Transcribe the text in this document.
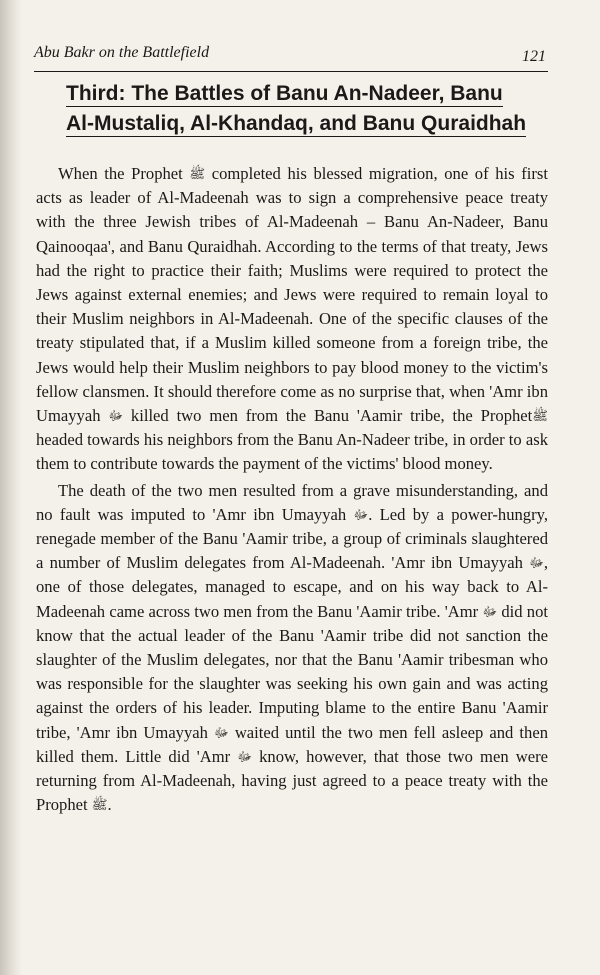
Abu Bakr on the Battlefield	121
Third: The Battles of Banu An-Nadeer, Banu
Al-Mustaliq, Al-Khandaq, and Banu Quraidhah

When the Prophet ﷺ completed his blessed migration, one of his first acts as leader of Al-Madeenah was to sign a comprehensive peace treaty with the three Jewish tribes of Al-Madeenah – Banu An-Nadeer, Banu Qainooqaa', and Banu Quraidhah. According to the terms of that treaty, Jews had the right to practice their faith; Muslims were required to protect the Jews against external enemies; and Jews were required to remain loyal to their Muslim neighbors in Al-Madeenah. One of the specific clauses of the treaty stipulated that, if a Muslim killed someone from a foreign tribe, the Jews would help their Muslim neighbors to pay blood money to the victim's fellow clansmen. It should therefore come as no surprise that, when 'Amr ibn Umayyah ﷻ killed two men from the Banu 'Aamir tribe, the Prophetﷺ headed towards his neighbors from the Banu An-Nadeer tribe, in order to ask them to contribute towards the payment of the victims' blood money.

The death of the two men resulted from a grave misunderstanding, and no fault was imputed to 'Amr ibn Umayyah ﷻ. Led by a power-hungry, renegade member of the Banu 'Aamir tribe, a group of criminals slaughtered a number of Muslim delegates from Al-Madeenah. 'Amr ibn Umayyah ﷻ, one of those delegates, managed to escape, and on his way back to Al-Madeenah came across two men from the Banu 'Aamir tribe. 'Amr ﷻ did not know that the actual leader of the Banu 'Aamir tribe did not sanction the slaughter of the Muslim delegates, nor that the Banu 'Aamir tribesman who was responsible for the slaughter was seeking his own gain and was acting against the orders of his leader. Imputing blame to the entire Banu 'Aamir tribe, 'Amr ibn Umayyah ﷻ waited until the two men fell asleep and then killed them. Little did 'Amr ﷻ know, however, that those two men were returning from Al-Madeenah, having just agreed to a peace treaty with the Prophet ﷺ.
